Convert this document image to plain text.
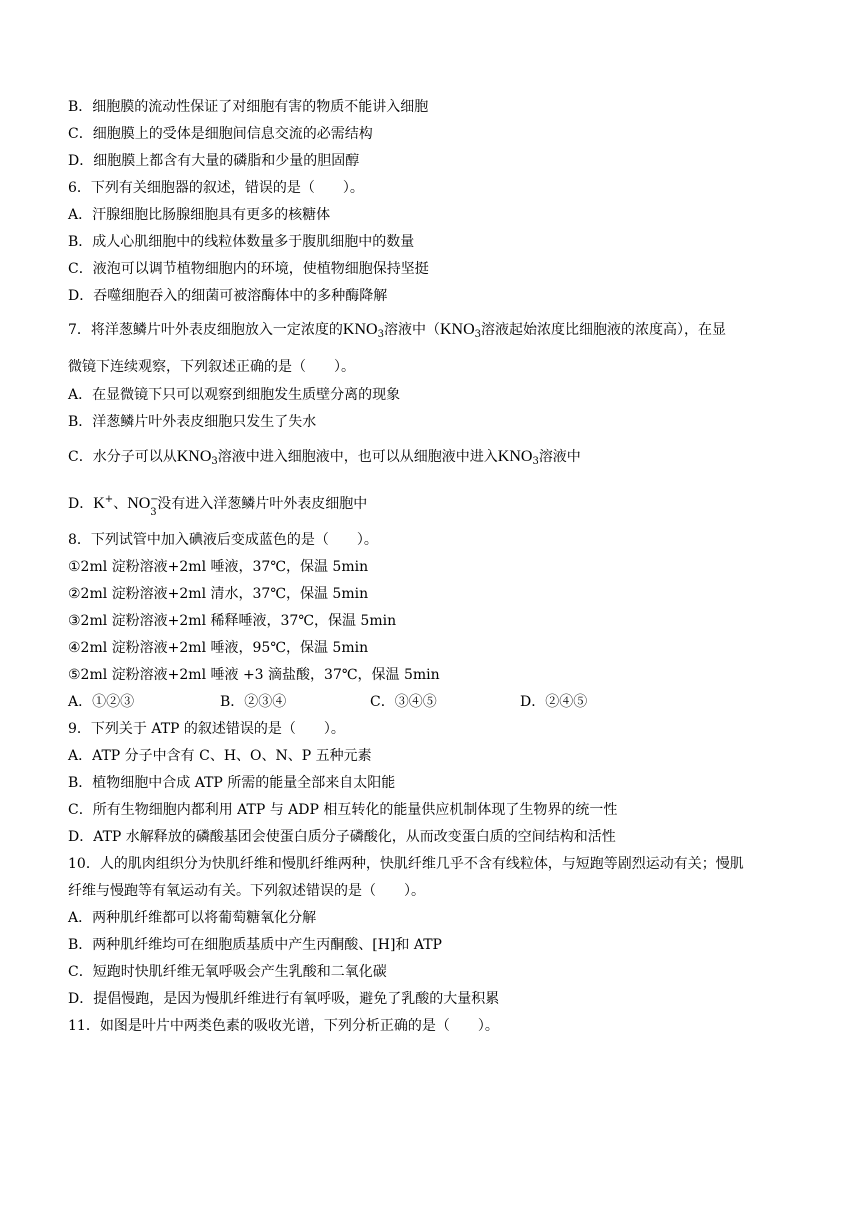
B．细胞膜的流动性保证了对细胞有害的物质不能讲入细胞
C．细胞膜上的受体是细胞间信息交流的必需结构
D．细胞膜上都含有大量的磷脂和少量的胆固醇
6．下列有关细胞器的叙述，错误的是（　　）。
A．汗腺细胞比肠腺细胞具有更多的核糖体
B．成人心肌细胞中的线粒体数量多于腹肌细胞中的数量
C．液泡可以调节植物细胞内的环境，使植物细胞保持坚挺
D．吞噬细胞吞入的细菌可被溶酶体中的多种酶降解
7．将洋葱鳞片叶外表皮细胞放入一定浓度的$KNO_3$溶液中（$KNO_3$溶液起始浓度比细胞液的浓度高），在显
微镜下连续观察，下列叙述正确的是（　　）。
A．在显微镜下只可以观察到细胞发生质壁分离的现象
B．洋葱鳞片叶外表皮细胞只发生了失水
C．水分子可以从$KNO_3$溶液中进入细胞液中，也可以从细胞液中进入$KNO_3$溶液中
D．K+、NO −
3
没有进入洋葱鳞片叶外表皮细胞中
8．下列试管中加入碘液后变成蓝色的是（　　）。
①2ml 淀粉溶液+2ml 唾液，37℃，保温 5min
②2ml 淀粉溶液+2ml 清水，37℃，保温 5min
③2ml 淀粉溶液+2ml 稀释唾液，37℃，保温 5min
④2ml 淀粉溶液+2ml 唾液，95℃，保温 5min
⑤2ml 淀粉溶液+2ml 唾液 +3 滴盐酸，37℃，保温 5min
A．①②③	B．②③④	C．③④⑤	D．②④⑤
9．下列关于 ATP 的叙述错误的是（　　）。
A．ATP 分子中含有 C、H、O、N、P 五种元素
B．植物细胞中合成 ATP 所需的能量全部来自太阳能
C．所有生物细胞内都利用 ATP 与 ADP 相互转化的能量供应机制体现了生物界的统一性
D．ATP 水解释放的磷酸基团会使蛋白质分子磷酸化，从而改变蛋白质的空间结构和活性
10．人的肌肉组织分为快肌纤维和慢肌纤维两种，快肌纤维几乎不含有线粒体，与短跑等剧烈运动有关；慢肌
纤维与慢跑等有氧运动有关。下列叙述错误的是（　　）。
A．两种肌纤维都可以将葡萄糖氧化分解
B．两种肌纤维均可在细胞质基质中产生丙酮酸、[H]和 ATP
C．短跑时快肌纤维无氧呼吸会产生乳酸和二氧化碳
D．提倡慢跑，是因为慢肌纤维进行有氧呼吸，避免了乳酸的大量积累
11．如图是叶片中两类色素的吸收光谱，下列分析正确的是（　　）。
